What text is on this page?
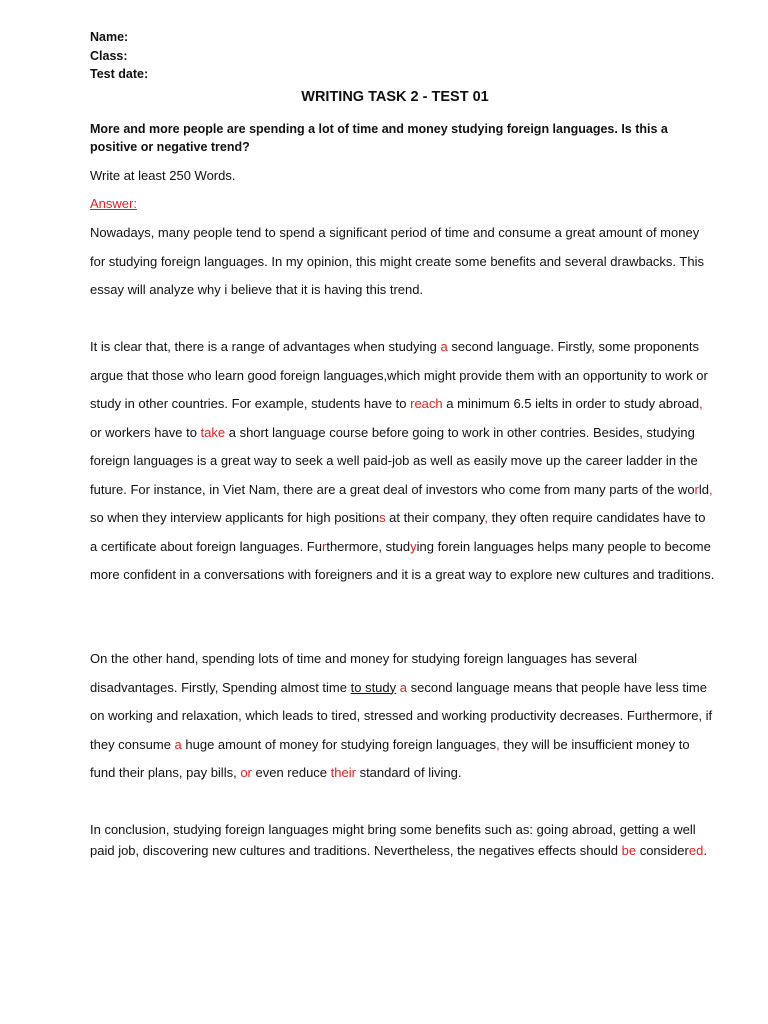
Name:
Class:
Test date:
WRITING TASK 2 - TEST 01
More and more people are spending a lot of time and money studying foreign languages. Is this a positive or negative trend?
Write at least 250 Words.
Answer:
Nowadays, many people tend to spend a significant period of time and consume a great amount of money for studying foreign languages. In my opinion, this might create some benefits and several drawbacks. This essay will analyze why i believe that it is having this trend.
It is clear that, there is a range of advantages when studying a second language. Firstly, some proponents argue that those who learn good foreign languages,which might provide them with an opportunity to work or study in other countries. For example, students have to reach a minimum 6.5 ielts in order to study abroad, or workers have to take a short language course before going to work in other contries. Besides, studying foreign languages is a great way to seek a well paid-job as well as easily move up the career ladder in the future. For instance, in Viet Nam, there are a great deal of investors who come from many parts of the world, so when they interview applicants for high positions at their company, they often require candidates have to a certificate about foreign languages. Furthermore, studying forein languages helps many people to become more confident in a conversations with foreigners and it is a great way to explore new cultures and traditions.
On the other hand, spending lots of time and money for studying foreign languages has several disadvantages. Firstly, Spending almost time to study a second language means that people have less time on working and relaxation, which leads to tired, stressed and working productivity decreases. Furthermore, if they consume a huge amount of money for studying foreign languages, they will be insufficient money to fund their plans, pay bills, or even reduce their standard of living.
In conclusion, studying foreign languages might bring some benefits such as: going abroad, getting a well paid job, discovering new cultures and traditions. Nevertheless, the negatives effects should be considered.
